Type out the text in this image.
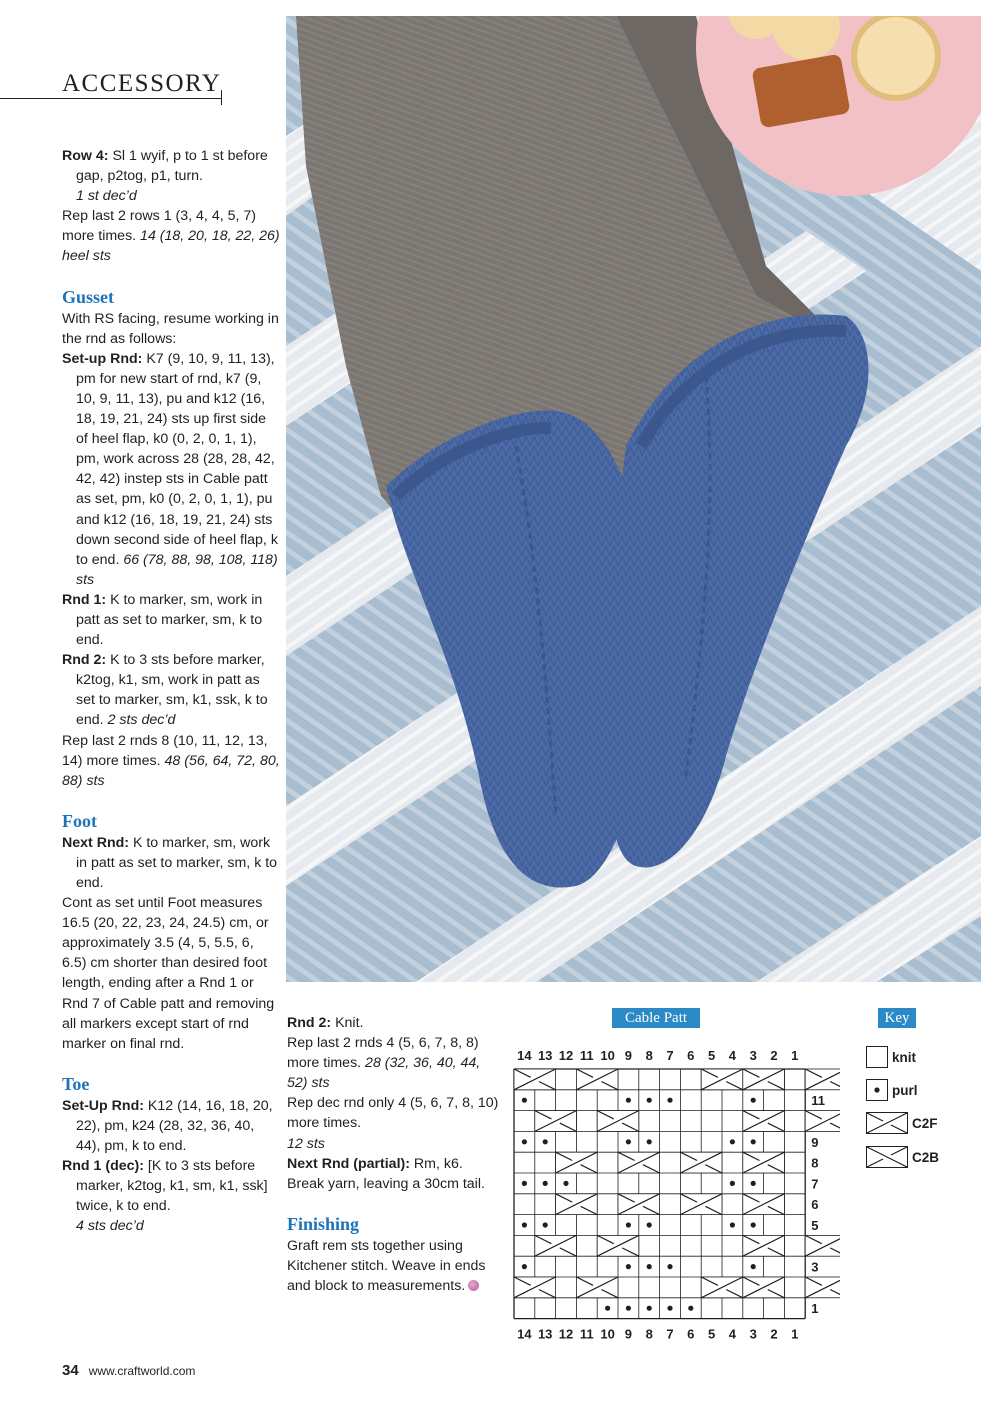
ACCESSORY

Row 4: Sl 1 wyif, p to 1 st before gap, p2tog, p1, turn.
1 st dec’d

Rep last 2 rows 1 (3, 4, 4, 5, 7) more times. 14 (18, 20, 18, 22, 26) heel sts

Gusset

With RS facing, resume working in the rnd as follows:

Set-up Rnd: K7 (9, 10, 9, 11, 13), pm for new start of rnd, k7 (9, 10, 9, 11, 13), pu and k12 (16, 18, 19, 21, 24) sts up first side of heel flap, k0 (0, 2, 0, 1, 1), pm, work across 28 (28, 28, 42, 42, 42) instep sts in Cable patt as set, pm, k0 (0, 2, 0, 1, 1), pu and k12 (16, 18, 19, 21, 24) sts down second side of heel flap, k to end. 66 (78, 88, 98, 108, 118) sts

Rnd 1: K to marker, sm, work in patt as set to marker, sm, k to end.

Rnd 2: K to 3 sts before marker, k2tog, k1, sm, work in patt as set to marker, sm, k1, ssk, k to end. 2 sts dec’d

Rep last 2 rnds 8 (10, 11, 12, 13, 14) more times. 48 (56, 64, 72, 80, 88) sts

Foot

Next Rnd: K to marker, sm, work in patt as set to marker, sm, k to end.

Cont as set until Foot measures 16.5 (20, 22, 23, 24, 24.5) cm, or approximately 3.5 (4, 5, 5.5, 6, 6.5) cm shorter than desired foot length, ending after a Rnd 1 or Rnd 7 of Cable patt and removing all markers except start of rnd marker on final rnd.

Toe

Set-Up Rnd: K12 (14, 16, 18, 20, 22), pm, k24 (28, 32, 36, 40, 44), pm, k to end.

Rnd 1 (dec): [K to 3 sts before marker, k2tog, k1, sm, k1, ssk] twice, k to end.
4 sts dec’d

Rnd 2: Knit.

Rep last 2 rnds 4 (5, 6, 7, 8, 8) more times. 28 (32, 36, 40, 44, 52) sts

Rep dec rnd only 4 (5, 6, 7, 8, 10) more times.
12 sts

Next Rnd (partial): Rm, k6.

Break yarn, leaving a 30cm tail.

Finishing

Graft rem sts together using Kitchener stitch. Weave in ends and block to measurements.

Cable Patt	Key
14
14
13
13
12
12
11
11
10
10
9
9
8
8
7
7
6
6
5
5
4
4
3
3
2
2
1
1
11
9
8
7
6
5
3
1
knit
purl
C2F
C2B
34 www.craftworld.com
